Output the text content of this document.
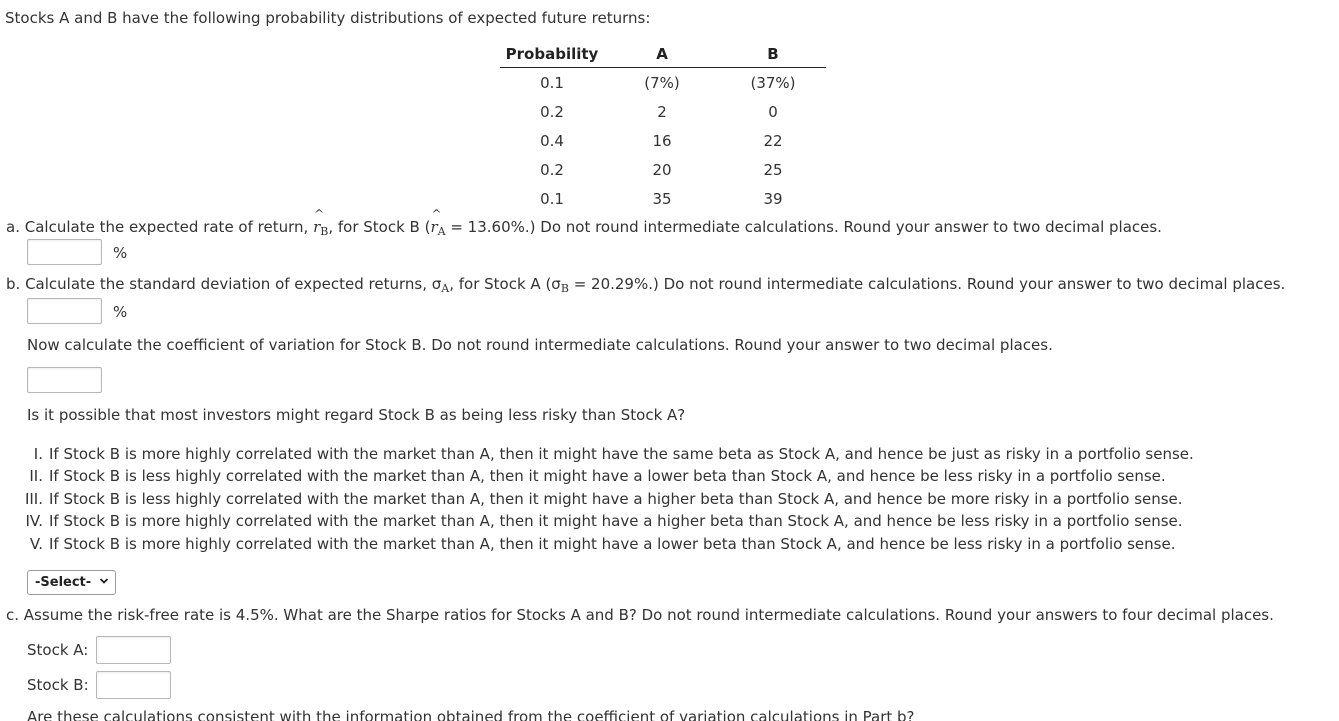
Stocks A and B have the following probability distributions of expected future returns:
Probability	A	B
0.1	(7%)	(37%)
0.2	2	0
0.4	16	22
0.2	20	25
0.1	35	39
a. Calculate the expected rate of return, ^ $r_B$, for Stock B (^ $r_A = 13.60\%$.) Do not round intermediate calculations. Round your answer to two decimal places.
%
b. Calculate the standard deviation of expected returns, $\sigma_A$, for Stock A $(\sigma_B = 20.29\%.)$ Do not round intermediate calculations. Round your answer to two decimal places.
%
Now calculate the coefficient of variation for Stock B. Do not round intermediate calculations. Round your answer to two decimal places.
Is it possible that most investors might regard Stock B as being less risky than Stock A?
I. If Stock B is more highly correlated with the market than A, then it might have the same beta as Stock A, and hence be just as risky in a portfolio sense.
II. If Stock B is less highly correlated with the market than A, then it might have a lower beta than Stock A, and hence be less risky in a portfolio sense.
III. If Stock B is less highly correlated with the market than A, then it might have a higher beta than Stock A, and hence be more risky in a portfolio sense.
IV. If Stock B is more highly correlated with the market than A, then it might have a higher beta than Stock A, and hence be less risky in a portfolio sense.
V. If Stock B is more highly correlated with the market than A, then it might have a lower beta than Stock A, and hence be less risky in a portfolio sense.
-Select-
c. Assume the risk-free rate is 4.5%. What are the Sharpe ratios for Stocks A and B? Do not round intermediate calculations. Round your answers to four decimal places.
Stock A:
Stock B:
Are these calculations consistent with the information obtained from the coefficient of variation calculations in Part b?
